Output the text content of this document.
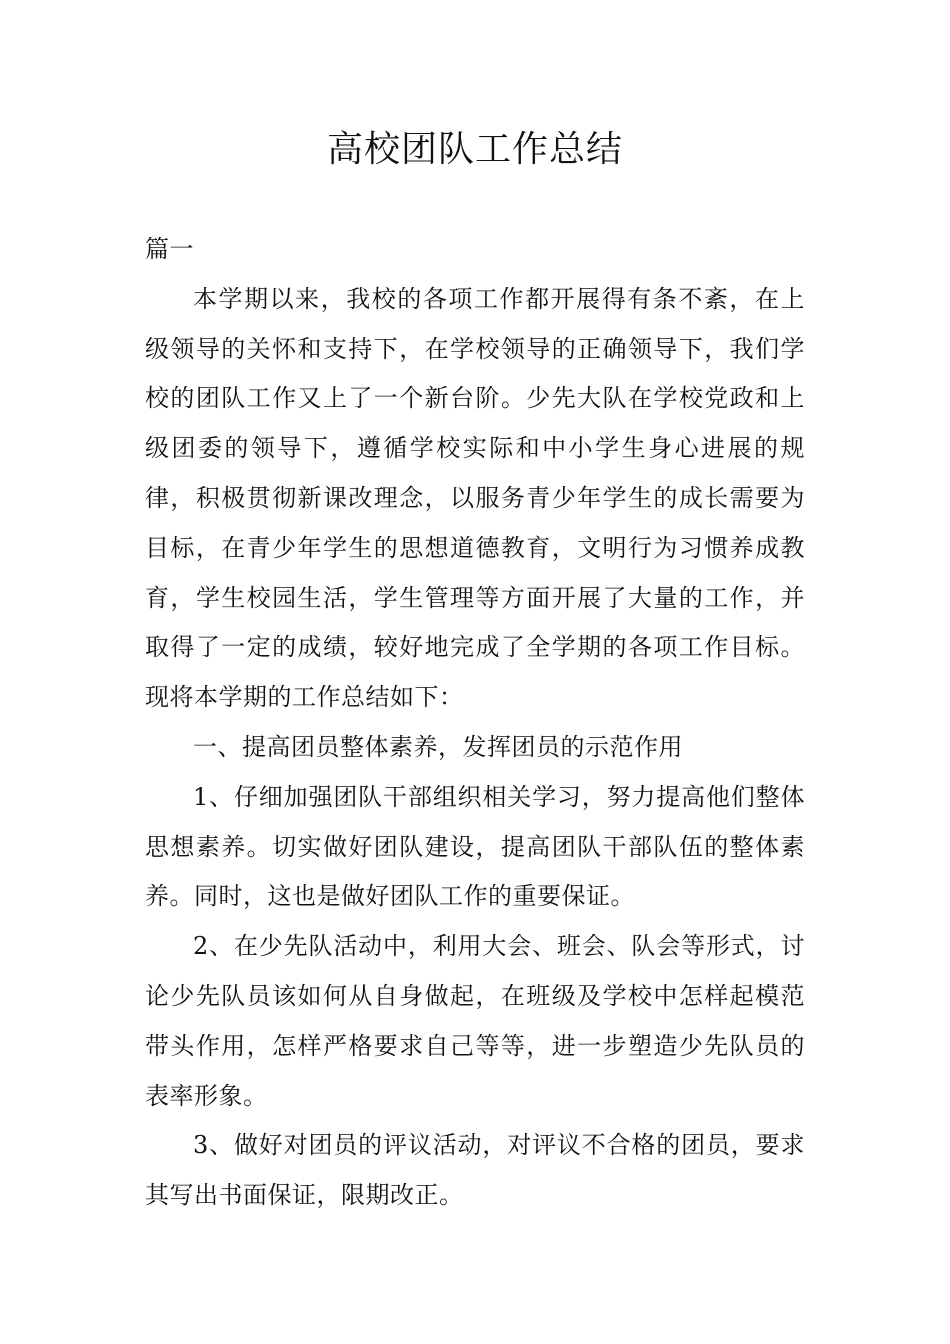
高校团队工作总结

篇一

本学期以来，我校的各项工作都开展得有条不紊，在上级领导的关怀和支持下，在学校领导的正确领导下，我们学校的团队工作又上了一个新台阶。少先大队在学校党政和上级团委的领导下，遵循学校实际和中小学生身心进展的规律，积极贯彻新课改理念，以服务青少年学生的成长需要为目标，在青少年学生的思想道德教育，文明行为习惯养成教育，学生校园生活，学生管理等方面开展了大量的工作，并取得了一定的成绩，较好地完成了全学期的各项工作目标。现将本学期的工作总结如下：

一、提高团员整体素养，发挥团员的示范作用

1、仔细加强团队干部组织相关学习，努力提高他们整体思想素养。切实做好团队建设，提高团队干部队伍的整体素养。同时，这也是做好团队工作的重要保证。

2、在少先队活动中，利用大会、班会、队会等形式，讨论少先队员该如何从自身做起，在班级及学校中怎样起模范带头作用，怎样严格要求自己等等，进一步塑造少先队员的表率形象。

3、做好对团员的评议活动，对评议不合格的团员，要求其写出书面保证，限期改正。
